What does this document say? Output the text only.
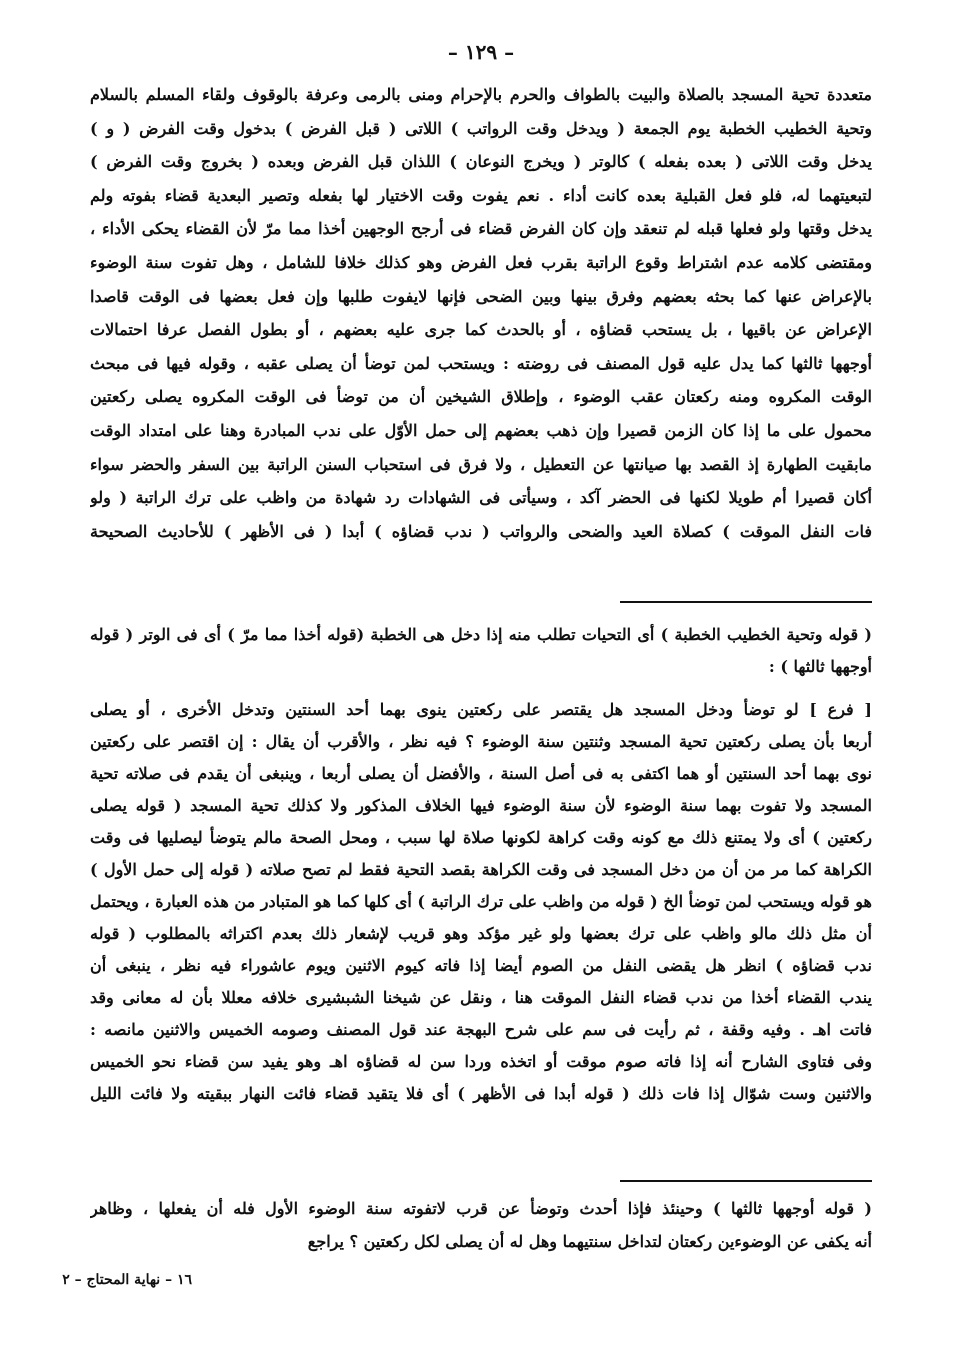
– ١٢٩ –
متعددة تحية المسجد بالصلاة والبيت بالطواف والحرم بالإحرام ومنى بالرمى وعرفة بالوقوف ولقاء المسلم بالسلام
وتحية الخطيب الخطبة يوم الجمعة ( ويدخل وقت الرواتب ) اللاتى ( قبل الفرض ) بدخول وقت الفرض ( و )
يدخل وقت اللاتى ( بعده بفعله ) كالوتر ( ويخرج النوعان ) اللذان قبل الفرض وبعده ( بخروج وقت الفرض )
لتبعيتهما له، فلو فعل القبلية بعده كانت أداء . نعم يفوت وقت الاختيار لها بفعله وتصير البعدية قضاء بفوته ولم
يدخل وقتها ولو فعلها قبله لم تنعقد وإن كان الفرض قضاء فى أرجح الوجهين أخذا مما مرّ لأن القضاء يحكى الأداء ،
ومقتضى كلامه عدم اشتراط وقوع الراتبة بقرب فعل الفرض وهو كذلك خلافا للشامل ، وهل تفوت سنة الوضوء
بالإعراض عنها كما بحثه بعضهم وفرق بينها وبين الضحى فإنها لايفوت طلبها وإن فعل بعضها فى الوقت قاصدا
الإعراض عن باقيها ، بل يستحب قضاؤه ، أو بالحدث كما جرى عليه بعضهم ، أو بطول الفصل عرفا احتمالات
أوجهها ثالثها كما يدل عليه قول المصنف فى روضته : ويستحب لمن توضأ أن يصلى عقبه ، وقوله فيها فى مبحث
الوقت المكروه ومنه ركعتان عقب الوضوء ، وإطلاق الشيخين أن من توضأ فى الوقت المكروه يصلى ركعتين
محمول على ما إذا كان الزمن قصيرا وإن ذهب بعضهم إلى حمل الأوّل على ندب المبادرة وهنا على امتداد الوقت
مابقيت الطهارة إذ القصد بها صيانتها عن التعطيل ، ولا فرق فى استحباب السنن الراتبة بين السفر والحضر سواء
أكان قصيرا أم طويلا لكنها فى الحضر آكد ، وسيأتى فى الشهادات رد شهادة من واظب على ترك الراتبة ( ولو
فات النفل الموقت ) كصلاة العيد والضحى والرواتب ( ندب قضاؤه ) أبدا ( فى الأظهر ) للأحاديث الصحيحة
( قوله وتحية الخطيب الخطبة ) أى التحيات تطلب منه إذا دخل هى الخطبة (قوله أخذا مما مرّ ) أى فى الوتر ( قوله
أوجهها ثالثها ) :
[ فرع ] لو توضأ ودخل المسجد هل يقتصر على ركعتين ينوى بهما أحد السنتين وتدخل الأخرى ، أو يصلى
أربعا بأن يصلى ركعتين تحية المسجد وثنتين سنة الوضوء ؟ فيه نظر ، والأقرب أن يقال : إن اقتصر على ركعتين
نوى بهما أحد السنتين أو هما اكتفى به فى أصل السنة ، والأفضل أن يصلى أربعا ، وينبغى أن يقدم فى صلاته تحية
المسجد ولا تفوت بهما سنة الوضوء لأن سنة الوضوء فيها الخلاف المذكور ولا كذلك تحية المسجد ( قوله يصلى
ركعتين ) أى ولا يمتنع ذلك مع كونه وقت كراهة لكونها صلاة لها سبب ، ومحل الصحة مالم يتوضأ ليصليها فى وقت
الكراهة كما مر من أن من دخل المسجد فى وقت الكراهة بقصد التحية فقط لم تصح صلاته ( قوله إلى حمل الأول )
هو قوله ويستحب لمن توضأ الخ ( قوله من واظب على ترك الراتبة ) أى كلها كما هو المتبادر من هذه العبارة ، ويحتمل
أن مثل ذلك مالو واظب على ترك بعضها ولو غير مؤكد وهو قريب لإشعار ذلك بعدم اكتراثه بالمطلوب ( قوله
ندب قضاؤه ) انظر هل يقضى النفل من الصوم أيضا إذا فاته كيوم الاثنين ويوم عاشوراء فيه نظر ، ينبغى أن
يندب القضاء أخذا من ندب قضاء النفل الموقت هنا ، ونقل عن شيخنا الشبشيرى خلافه معللا بأن له معانى وقد
فاتت اهـ . وفيه وقفة ، ثم رأيت فى سم على شرح البهجة عند قول المصنف وصومه الخميس والاثنين مانصه :
وفى فتاوى الشارح أنه إذا فاته صوم موقت أو اتخذه وردا سن له قضاؤه اهـ وهو يفيد سن قضاء نحو الخميس
والاثنين وست شوّال إذا فات ذلك ( قوله أبدا فى الأظهر ) أى فلا يتقيد قضاء فائت النهار ببقيته ولا فائت الليل
( قوله أوجهها ثالثها ) وحينئذ فإذا أحدث وتوضأ عن قرب لاتفوته سنة الوضوء الأول فله أن يفعلها ، وظاهر
أنه يكفى عن الوضوءين ركعتان لتداخل سنتيهما وهل له أن يصلى لكل ركعتين ؟ يراجع
١٦ – نهاية المحتاج – ٢
